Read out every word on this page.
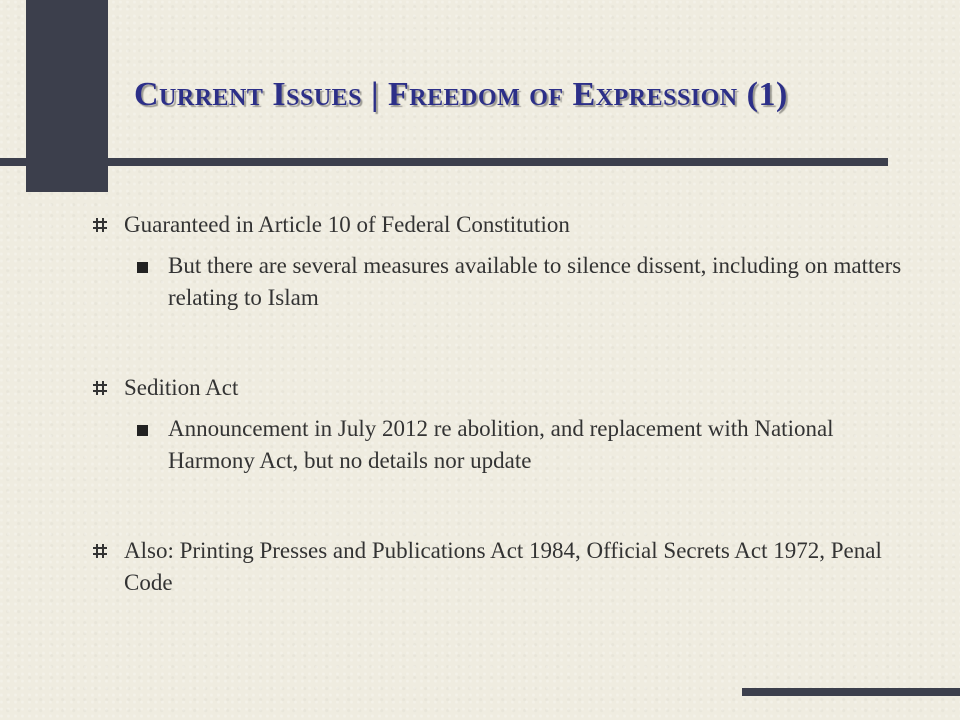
Current Issues | Freedom of Expression (1)
Guaranteed in Article 10 of Federal Constitution
But there are several measures available to silence dissent, including on matters relating to Islam
Sedition Act
Announcement in July 2012 re abolition, and replacement with National Harmony Act, but no details nor update
Also: Printing Presses and Publications Act 1984, Official Secrets Act 1972, Penal Code
